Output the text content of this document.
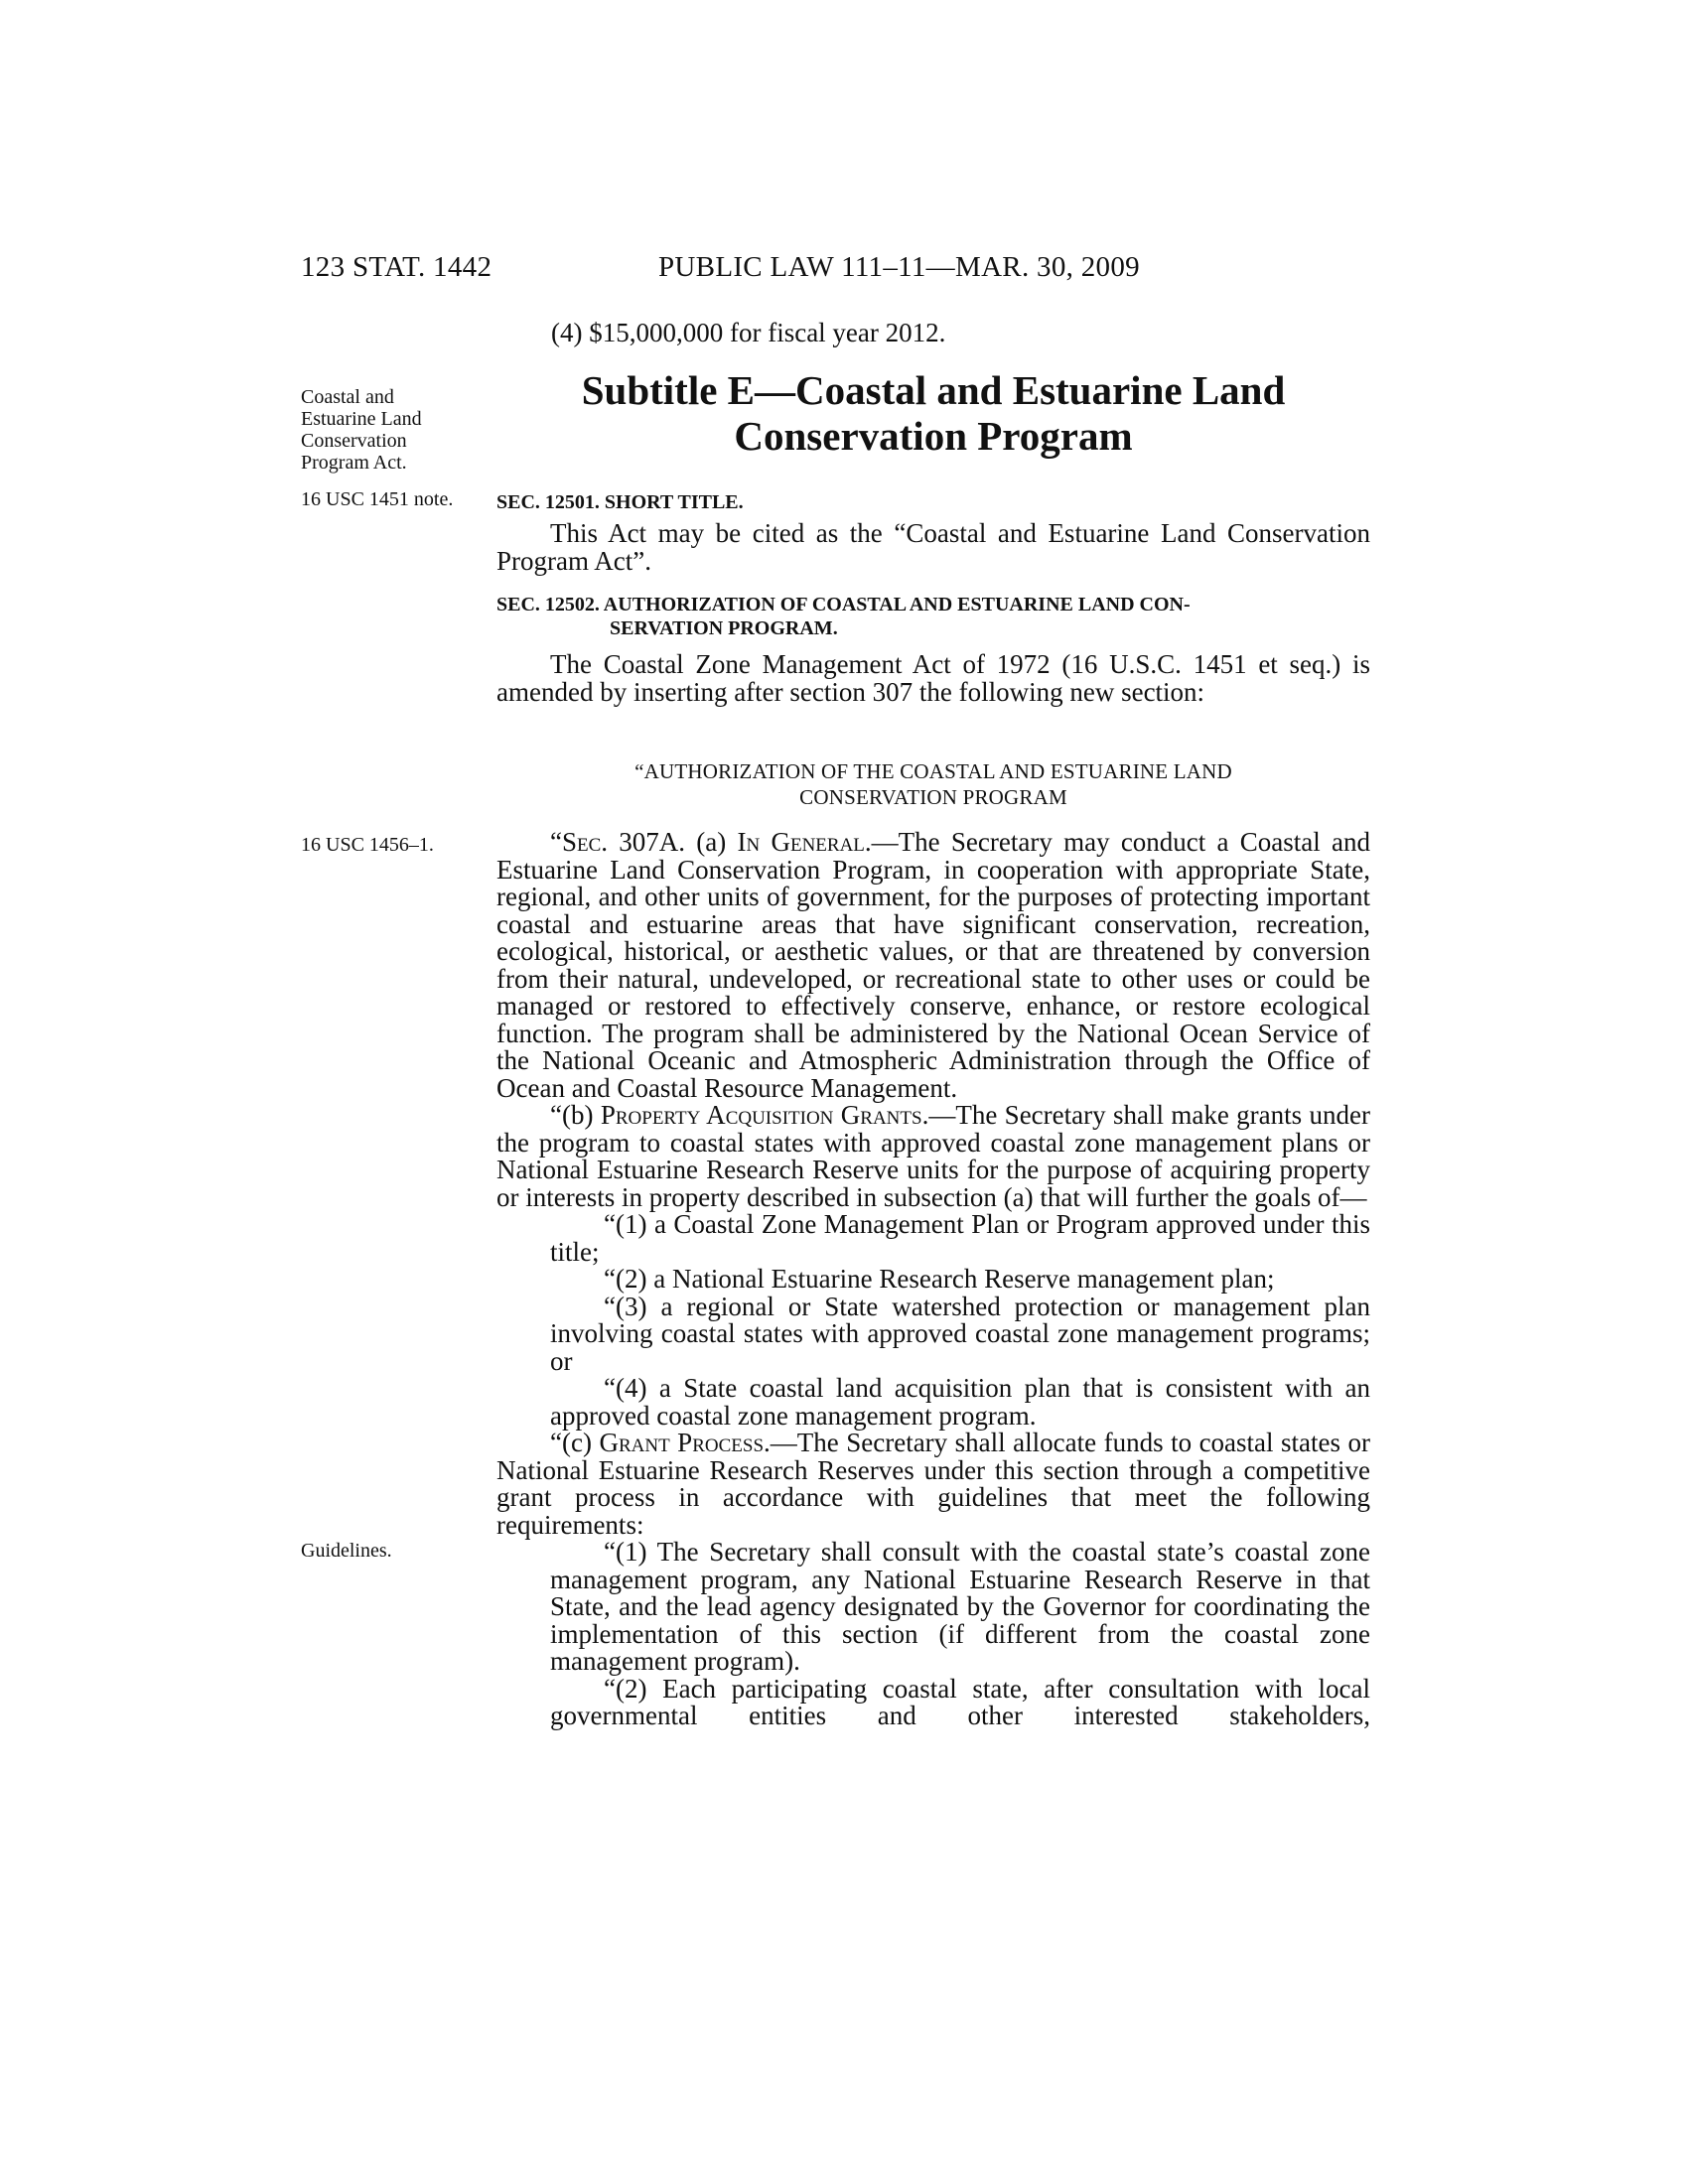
123 STAT. 1442	PUBLIC LAW 111–11—MAR. 30, 2009
(4) $15,000,000 for fiscal year 2012.
Coastal and Estuarine Land Conservation Program Act.
16 USC 1451 note.
16 USC 1456–1.
Guidelines.
Subtitle E—Coastal and Estuarine Land
Conservation Program
SEC. 12501. SHORT TITLE.

This Act may be cited as the “Coastal and Estuarine Land Conservation Program Act”.

SEC. 12502. AUTHORIZATION OF COASTAL AND ESTUARINE LAND CON-
SERVATION PROGRAM.

The Coastal Zone Management Act of 1972 (16 U.S.C. 1451 et seq.) is amended by inserting after section 307 the following new section:

“AUTHORIZATION OF THE COASTAL AND ESTUARINE LAND
CONSERVATION PROGRAM

“Sec. 307A. (a) In General.—The Secretary may conduct a Coastal and Estuarine Land Conservation Program, in cooperation with appropriate State, regional, and other units of government, for the purposes of protecting important coastal and estuarine areas that have significant conservation, recreation, ecological, historical, or aesthetic values, or that are threatened by conversion from their natural, undeveloped, or recreational state to other uses or could be managed or restored to effectively conserve, enhance, or restore ecological function. The program shall be administered by the National Ocean Service of the National Oceanic and Atmospheric Administration through the Office of Ocean and Coastal Resource Management.

“(b) Property Acquisition Grants.—The Secretary shall make grants under the program to coastal states with approved coastal zone management plans or National Estuarine Research Reserve units for the purpose of acquiring property or interests in property described in subsection (a) that will further the goals of—

“(1) a Coastal Zone Management Plan or Program approved under this title;

“(2) a National Estuarine Research Reserve management plan;

“(3) a regional or State watershed protection or management plan involving coastal states with approved coastal zone management programs; or

“(4) a State coastal land acquisition plan that is consistent with an approved coastal zone management program.

“(c) Grant Process.—The Secretary shall allocate funds to coastal states or National Estuarine Research Reserves under this section through a competitive grant process in accordance with guidelines that meet the following requirements:

“(1) The Secretary shall consult with the coastal state’s coastal zone management program, any National Estuarine Research Reserve in that State, and the lead agency designated by the Governor for coordinating the implementation of this section (if different from the coastal zone management program).

“(2) Each participating coastal state, after consultation with local governmental entities and other interested stakeholders,
